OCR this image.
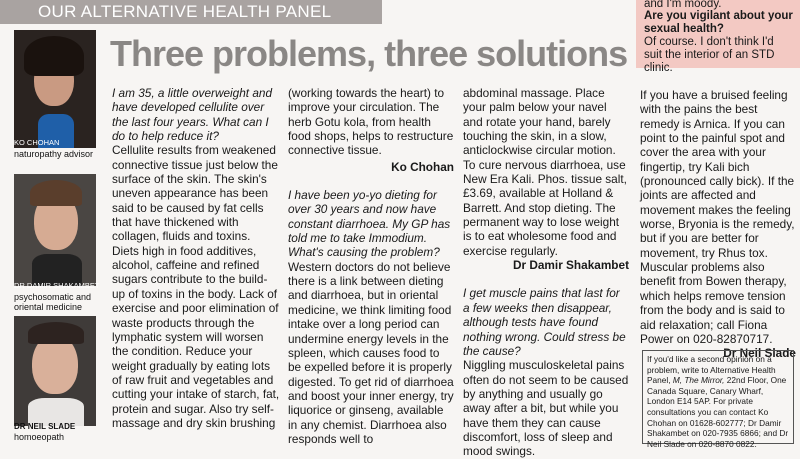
OUR ALTERNATIVE HEALTH PANEL
Three problems, three solutions
and I'm moody.
Are you vigilant about your sexual health?
Of course. I don't think I'd suit the interior of an STD clinic.
KO CHOHAN
naturopathy advisor
DR DAMIR SHAKAMBET
psychosomatic and oriental medicine
DR NEIL SLADE
homoeopath

I am 35, a little overweight and have developed cellulite over the last four years. What can I do to help reduce it?

Cellulite results from weakened connective tissue just below the surface of the skin. The skin's uneven appearance has been said to be caused by fat cells that have thickened with collagen, fluids and toxins. Diets high in food additives, alcohol, caffeine and refined sugars contribute to the build-up of toxins in the body. Lack of exercise and poor elimination of waste products through the lymphatic system will worsen the condition. Reduce your weight gradually by eating lots of raw fruit and vegetables and cutting your intake of starch, fat, protein and sugar. Also try self-massage and dry skin brushing

(working towards the heart) to improve your circulation. The herb Gotu kola, from health food shops, helps to restructure connective tissue.

Ko Chohan

I have been yo-yo dieting for over 30 years and now have constant diarrhoea. My GP has told me to take Immodium. What's causing the problem?

Western doctors do not believe there is a link between dieting and diarrhoea, but in oriental medicine, we think limiting food intake over a long period can undermine energy levels in the spleen, which causes food to be expelled before it is properly digested. To get rid of diarrhoea and boost your inner energy, try liquorice or ginseng, available in any chemist. Diarrhoea also responds well to

abdominal massage. Place your palm below your navel and rotate your hand, barely touching the skin, in a slow, anticlockwise circular motion. To cure nervous diarrhoea, use New Era Kali. Phos. tissue salt, £3.69, available at Holland & Barrett. And stop dieting. The permanent way to lose weight is to eat wholesome food and exercise regularly.

Dr Damir Shakambet

I get muscle pains that last for a few weeks then disappear, although tests have found nothing wrong. Could stress be the cause?

Niggling musculoskeletal pains often do not seem to be caused by anything and usually go away after a bit, but while you have them they can cause discomfort, loss of sleep and mood swings.

If you have a bruised feeling with the pains the best remedy is Arnica. If you can point to the painful spot and cover the area with your fingertip, try Kali bich (pronounced cally bick). If the joints are affected and movement makes the feeling worse, Bryonia is the remedy, but if you are better for movement, try Rhus tox. Muscular problems also benefit from Bowen therapy, which helps remove tension from the body and is said to aid relaxation; call Fiona Power on 020-82870717.

Dr Neil Slade

If you'd like a second opinion on a problem, write to Alternative Health Panel, M, The Mirror, 22nd Floor, One Canada Square, Canary Wharf, London E14 5AP. For private consultations you can contact Ko Chohan on 01628-602777; Dr Damir Shakambet on 020-7935 6866; and Dr Neil Slade on 020-8870 0822.
